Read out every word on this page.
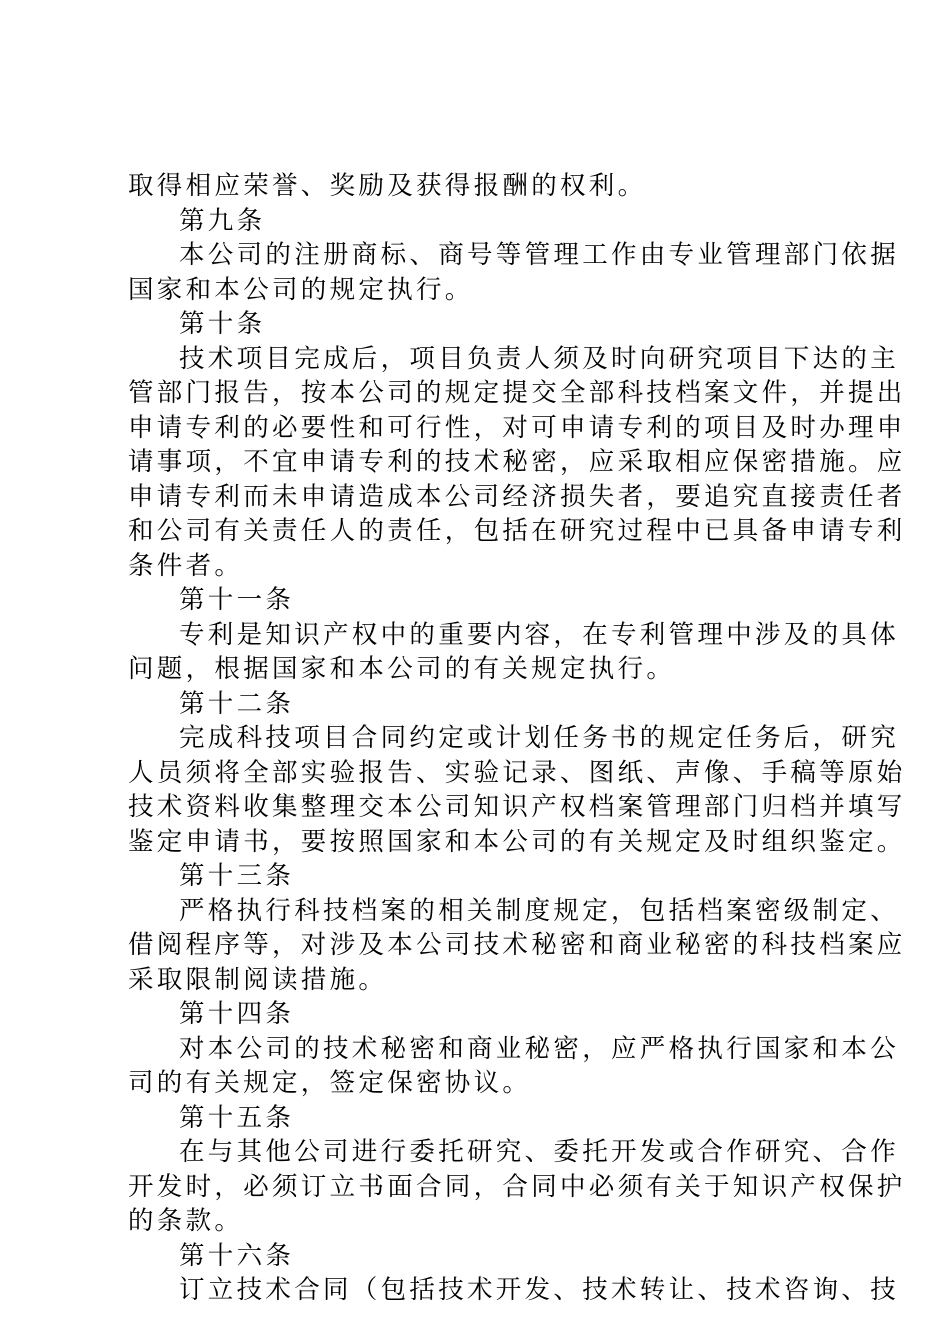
取得相应荣誉、奖励及获得报酬的权利。
第九条
本公司的注册商标、商号等管理工作由专业管理部门依据
国家和本公司的规定执行。
第十条
技术项目完成后，项目负责人须及时向研究项目下达的主
管部门报告，按本公司的规定提交全部科技档案文件，并提出
申请专利的必要性和可行性，对可申请专利的项目及时办理申
请事项，不宜申请专利的技术秘密，应采取相应保密措施。应
申请专利而未申请造成本公司经济损失者，要追究直接责任者
和公司有关责任人的责任，包括在研究过程中已具备申请专利
条件者。
第十一条
专利是知识产权中的重要内容，在专利管理中涉及的具体
问题，根据国家和本公司的有关规定执行。
第十二条
完成科技项目合同约定或计划任务书的规定任务后，研究
人员须将全部实验报告、实验记录、图纸、声像、手稿等原始
技术资料收集整理交本公司知识产权档案管理部门归档并填写
鉴定申请书，要按照国家和本公司的有关规定及时组织鉴定。
第十三条
严格执行科技档案的相关制度规定，包括档案密级制定、
借阅程序等，对涉及本公司技术秘密和商业秘密的科技档案应
采取限制阅读措施。
第十四条
对本公司的技术秘密和商业秘密，应严格执行国家和本公
司的有关规定，签定保密协议。
第十五条
在与其他公司进行委托研究、委托开发或合作研究、合作
开发时，必须订立书面合同，合同中必须有关于知识产权保护
的条款。
第十六条
订立技术合同（包括技术开发、技术转让、技术咨询、技
